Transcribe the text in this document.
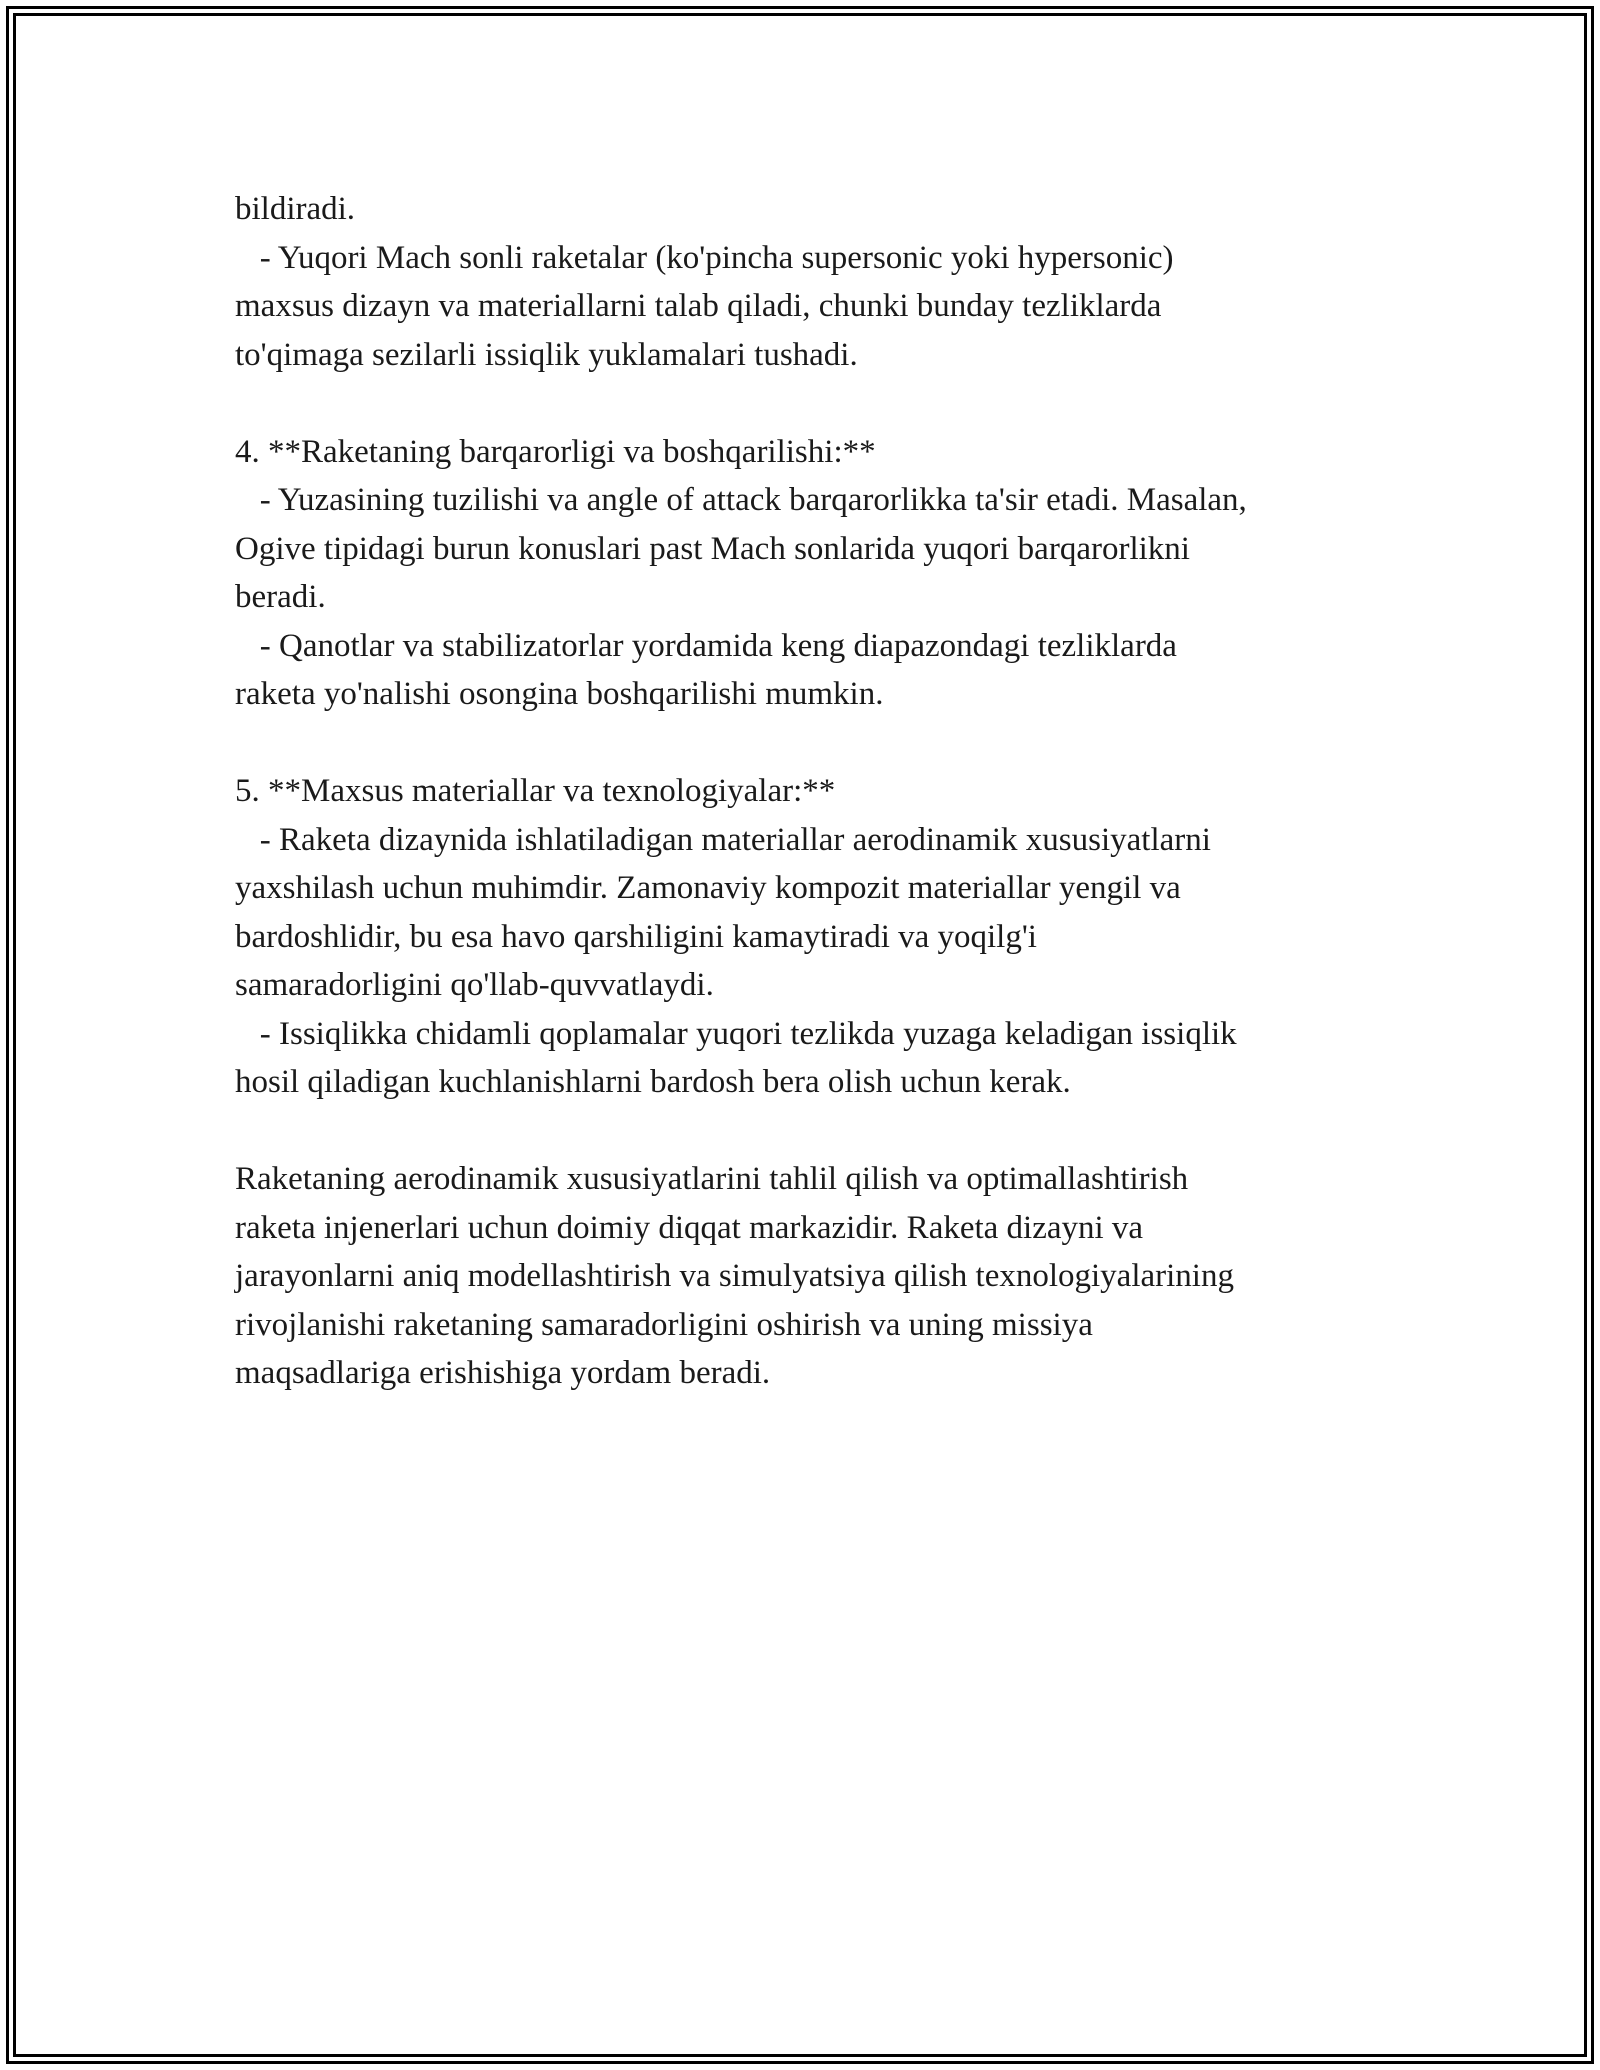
bildiradi.
- Yuqori Mach sonli raketalar (ko'pincha supersonic yoki hypersonic)
maxsus dizayn va materiallarni talab qiladi, chunki bunday tezliklarda
to'qimaga sezilarli issiqlik yuklamalari tushadi.
4. **Raketaning barqarorligi va boshqarilishi:**
- Yuzasining tuzilishi va angle of attack barqarorlikka ta'sir etadi. Masalan,
Ogive tipidagi burun konuslari past Mach sonlarida yuqori barqarorlikni
beradi.
- Qanotlar va stabilizatorlar yordamida keng diapazondagi tezliklarda
raketa yo'nalishi osongina boshqarilishi mumkin.
5. **Maxsus materiallar va texnologiyalar:**
- Raketa dizaynida ishlatiladigan materiallar aerodinamik xususiyatlarni
yaxshilash uchun muhimdir. Zamonaviy kompozit materiallar yengil va
bardoshlidir, bu esa havo qarshiligini kamaytiradi va yoqilg'i
samaradorligini qo'llab-quvvatlaydi.
- Issiqlikka chidamli qoplamalar yuqori tezlikda yuzaga keladigan issiqlik
hosil qiladigan kuchlanishlarni bardosh bera olish uchun kerak.
Raketaning aerodinamik xususiyatlarini tahlil qilish va optimallashtirish
raketa injenerlari uchun doimiy diqqat markazidir. Raketa dizayni va
jarayonlarni aniq modellashtirish va simulyatsiya qilish texnologiyalarining
rivojlanishi raketaning samaradorligini oshirish va uning missiya
maqsadlariga erishishiga yordam beradi.
